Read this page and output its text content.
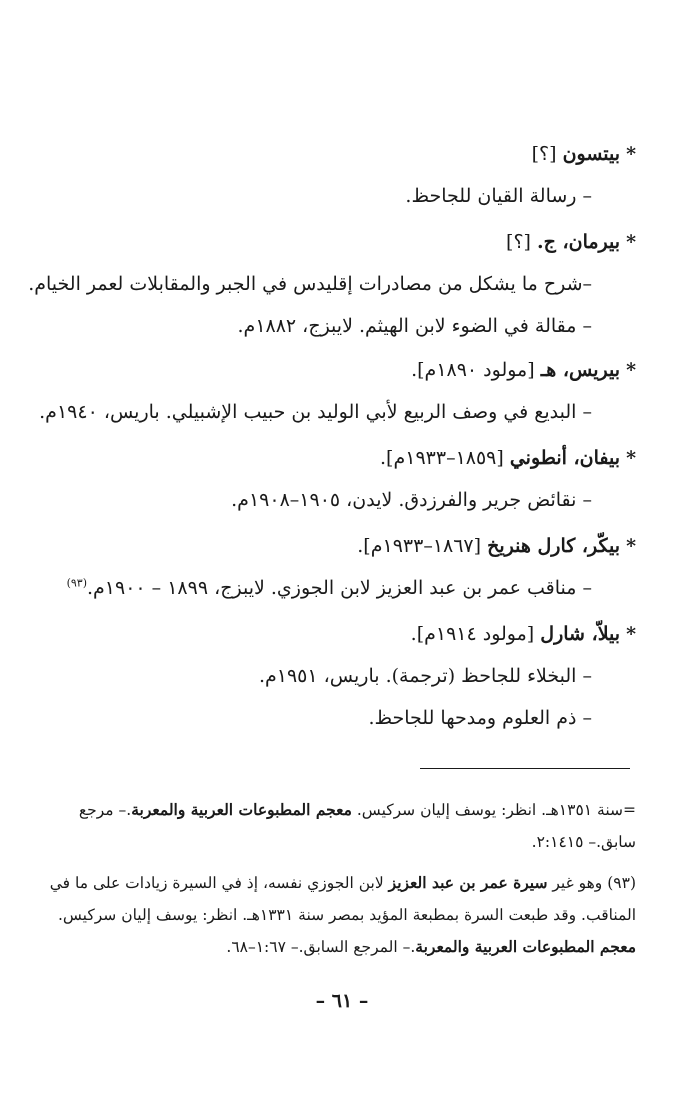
*بيتسون [؟]
– رسالة القيان للجاحظ.
*بيرمان، ج. [؟]
–شرح ما يشكل من مصادرات إقليدس في الجبر والمقابلات لعمر الخيام.
– مقالة في الضوء لابن الهيثم. لايبزج، ١٨٨٢م.
*بيريس، هـ [مولود ١٨٩٠م].
– البديع في وصف الربيع لأبي الوليد بن حبيب الإشبيلي. باريس، ١٩٤٠م.
*بيفان، أنطوني [١٨٥٩–١٩٣٣م].
– نقائض جرير والفرزدق. لايدن، ١٩٠٥–١٩٠٨م.
*بيكّر، كارل هنريخ [١٨٦٧–١٩٣٣م].
– مناقب عمر بن عبد العزيز لابن الجوزي. لايبزج، ١٨٩٩ – ١٩٠٠م.$^{(٩٣)}$
*بيلاّ، شارل [مولود ١٩١٤م].
– البخلاء للجاحظ (ترجمة). باريس، ١٩٥١م.
– ذم العلوم ومدحها للجاحظ.
=سنة ١٣٥١هـ. انظر: يوسف إليان سركيس. معجم المطبوعات العربية والمعربة.– مرجع
سابق.– ٢:١٤١٥.
(٩٣) وهو غير سيرة عمر بن عبد العزيز لابن الجوزي نفسه، إذ في السيرة زيادات على ما في
المناقب. وقد طبعت السرة بمطبعة المؤيد بمصر سنة ١٣٣١هـ. انظر: يوسف إليان سركيس.
معجم المطبوعات العربية والمعربة.– المرجع السابق.– ١:٦٧–٦٨.
– ٦١ –
